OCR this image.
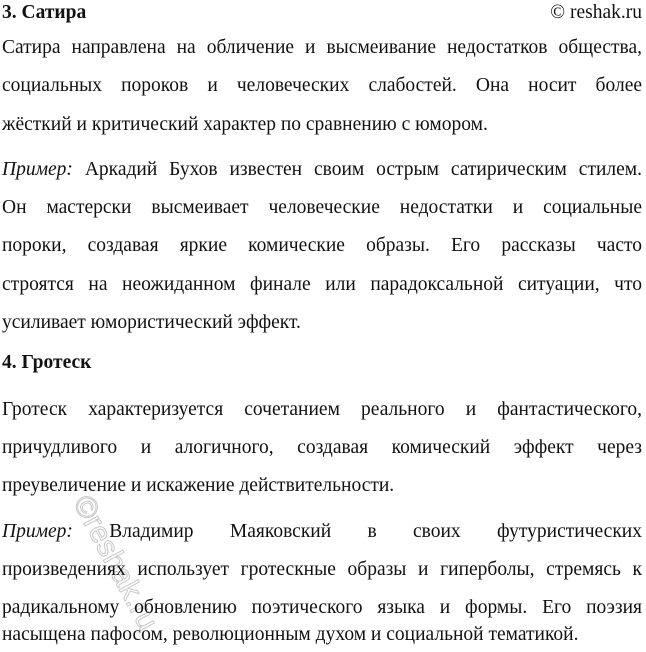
© reshak.ru
©reshak.ru
3. Сатира
Сатира направлена на обличение и высмеивание недостатков общества,
социальных пороков и человеческих слабостей. Она носит более
жёсткий и критический характер по сравнению с юмором.
Пример: Аркадий Бухов известен своим острым сатирическим стилем.
Он мастерски высмеивает человеческие недостатки и социальные
пороки, создавая яркие комические образы. Его рассказы часто
строятся на неожиданном финале или парадоксальной ситуации, что
усиливает юмористический эффект.
4. Гротеск
Гротеск характеризуется сочетанием реального и фантастического,
причудливого и алогичного, создавая комический эффект через
преувеличение и искажение действительности.
Пример: Владимир Маяковский в своих футуристических
произведениях использует гротескные образы и гиперболы, стремясь к
радикальному обновлению поэтического языка и формы. Его поэзия
насыщена пафосом, революционным духом и социальной тематикой.
